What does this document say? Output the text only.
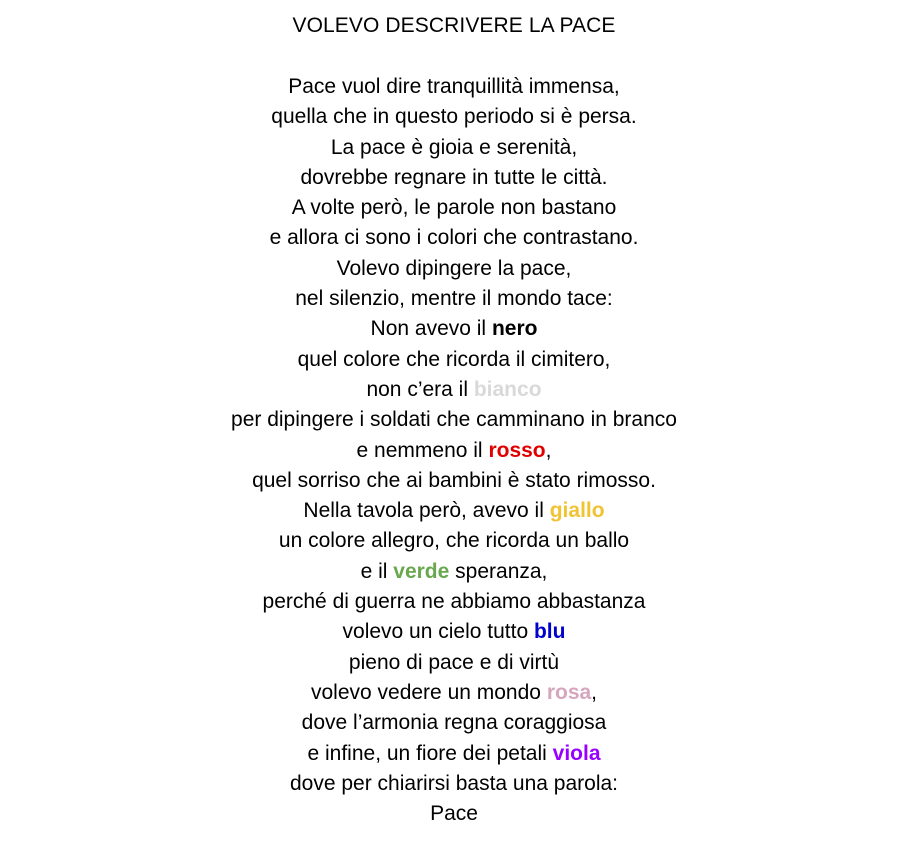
VOLEVO DESCRIVERE LA PACE
Pace vuol dire tranquillità immensa,
quella che in questo periodo si è persa.
La pace è gioia e serenità,
dovrebbe regnare in tutte le città.
A volte però, le parole non bastano
e allora ci sono i colori che contrastano.
Volevo dipingere la pace,
nel silenzio, mentre il mondo tace:
Non avevo il nero
quel colore che ricorda il cimitero,
non c’era il bianco
per dipingere i soldati che camminano in branco
e nemmeno il rosso,
quel sorriso che ai bambini è stato rimosso.
Nella tavola però, avevo il giallo
un colore allegro, che ricorda un ballo
e il verde speranza,
perché di guerra ne abbiamo abbastanza
volevo un cielo tutto blu
pieno di pace e di virtù
volevo vedere un mondo rosa,
dove l’armonia regna coraggiosa
e infine, un fiore dei petali viola
dove per chiarirsi basta una parola:
Pace
